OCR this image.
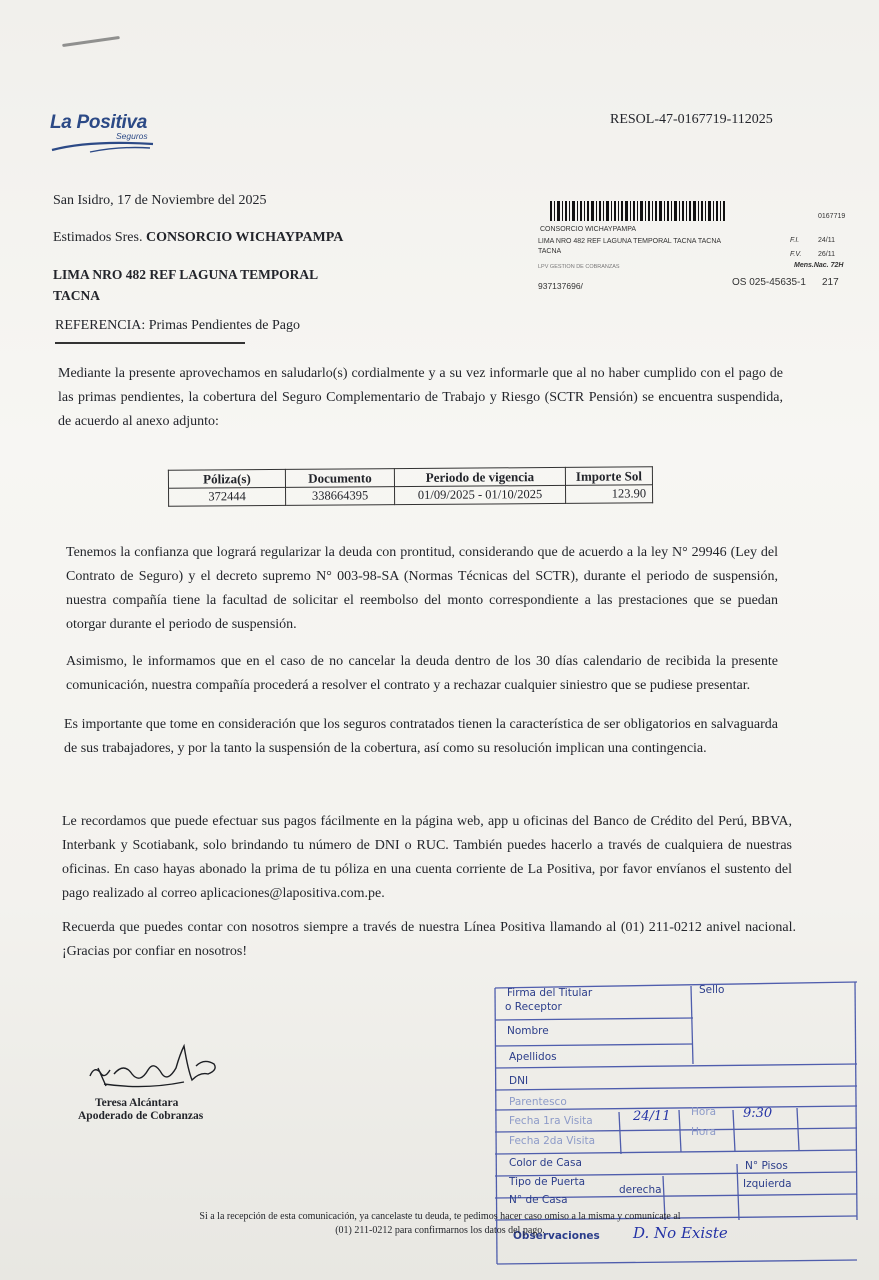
La Positiva
Seguros
RESOL-47-0167719-112025
San Isidro, 17 de Noviembre del 2025
Estimados Sres. CONSORCIO WICHAYPAMPA
LIMA NRO 482 REF LAGUNA TEMPORAL
TACNA
REFERENCIA: Primas Pendientes de Pago
0167719
CONSORCIO WICHAYPAMPA
LIMA NRO 482 REF LAGUNA TEMPORAL TACNA TACNA
TACNA
F.I.	24/11
F.V. 26/11
Mens.Nac. 72H
LPV GESTION DE COBRANZAS
937137696/	OS 025-45635-1 217
Mediante la presente aprovechamos en saludarlo(s) cordialmente y a su vez informarle que al no haber cumplido con el pago de las primas pendientes, la cobertura del Seguro Complementario de Trabajo y Riesgo (SCTR Pensión) se encuentra suspendida, de acuerdo al anexo adjunto:
Póliza(s)	Documento	Periodo de vigencia	Importe Sol
372444	338664395	01/09/2025 - 01/10/2025	123.90
Tenemos la confianza que logrará regularizar la deuda con prontitud, considerando que de acuerdo a la ley N° 29946 (Ley del Contrato de Seguro) y el decreto supremo N° 003-98-SA (Normas Técnicas del SCTR), durante el periodo de suspensión, nuestra compañía tiene la facultad de solicitar el reembolso del monto correspondiente a las prestaciones que se puedan otorgar durante el periodo de suspensión.
Asimismo, le informamos que en el caso de no cancelar la deuda dentro de los 30 días calendario de recibida la presente comunicación, nuestra compañía procederá a resolver el contrato y a rechazar cualquier siniestro que se pudiese presentar.
Es importante que tome en consideración que los seguros contratados tienen la característica de ser obligatorios en salvaguarda de sus trabajadores, y por la tanto la suspensión de la cobertura, así como su resolución implican una contingencia.
Le recordamos que puede efectuar sus pagos fácilmente en la página web, app u oficinas del Banco de Crédito del Perú, BBVA, Interbank y Scotiabank, solo brindando tu número de DNI o RUC. También puedes hacerlo a través de cualquiera de nuestras oficinas. En caso hayas abonado la prima de tu póliza en una cuenta corriente de La Positiva, por favor envíanos el sustento del pago realizado al correo aplicaciones@lapositiva.com.pe.
Recuerda que puedes contar con nosotros siempre a través de nuestra Línea Positiva llamando al (01) 211-0212 anivel nacional. ¡Gracias por confiar en nosotros!
Teresa Alcántara
Apoderado de Cobranzas
Firma del Titular
o Receptor
Sello
Nombre
Apellidos
DNI
Parentesco
Fecha 1ra Visita	24/11 Hora 9:30
Fecha 2da Visita
Hora
Color de Casa	N° Pisos
Tipo de Puerta
derecha	Izquierda
N° de Casa
Observaciones D. No Existe
Si a la recepción de esta comunicación, ya cancelaste tu deuda, te pedimos hacer caso omiso a la misma y comunícate al
(01) 211-0212 para confirmarnos los datos del pago.
